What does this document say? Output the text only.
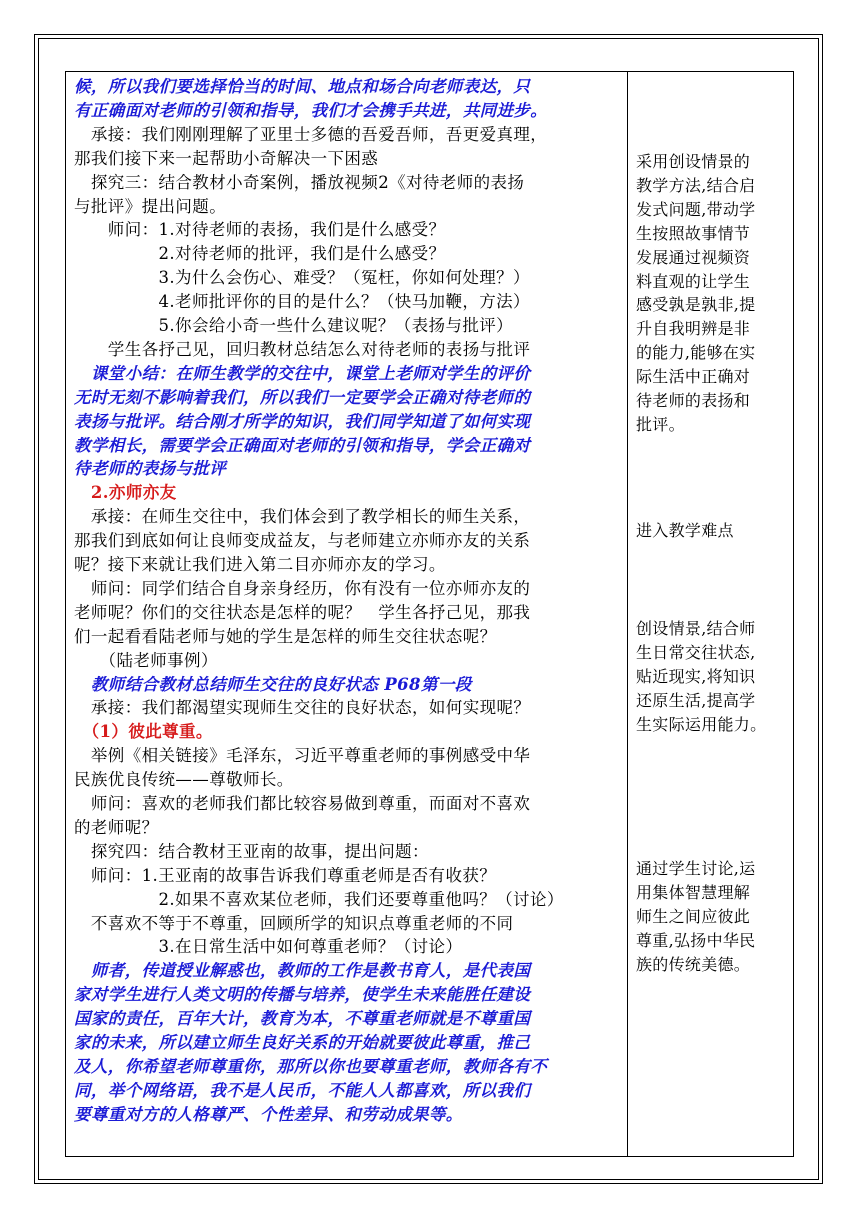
候，所以我们要选择恰当的时间、地点和场合向老师表达，只
有正确面对老师的引领和指导，我们才会携手共进，共同进步。
　承接：我们刚刚理解了亚里士多德的吾爱吾师，吾更爱真理，
那我们接下来一起帮助小奇解决一下困惑
　探究三：结合教材小奇案例，播放视频2《对待老师的表扬
与批评》提出问题。
　　师问：1.对待老师的表扬，我们是什么感受？
　　　　　2.对待老师的批评，我们是什么感受？
　　　　　3.为什么会伤心、难受？（冤枉，你如何处理？）
　　　　　4.老师批评你的目的是什么？（快马加鞭，方法）
　　　　　5.你会给小奇一些什么建议呢？（表扬与批评）
　　学生各抒己见，回归教材总结怎么对待老师的表扬与批评
　课堂小结：在师生教学的交往中，课堂上老师对学生的评价
无时无刻不影响着我们，所以我们一定要学会正确对待老师的
表扬与批评。结合刚才所学的知识，我们同学知道了如何实现
教学相长，需要学会正确面对老师的引领和指导，学会正确对
待老师的表扬与批评
　2.亦师亦友
　承接：在师生交往中，我们体会到了教学相长的师生关系，
那我们到底如何让良师变成益友，与老师建立亦师亦友的关系
呢？接下来就让我们进入第二目亦师亦友的学习。
　师问：同学们结合自身亲身经历，你有没有一位亦师亦友的
老师呢？你们的交往状态是怎样的呢？　学生各抒己见，那我
们一起看看陆老师与她的学生是怎样的师生交往状态呢？
　　（陆老师事例）
　教师结合教材总结师生交往的良好状态 P68第一段
　承接：我们都渴望实现师生交往的良好状态，如何实现呢？
　（1）彼此尊重。
　举例《相关链接》毛泽东，习近平尊重老师的事例感受中华
民族优良传统——尊敬师长。
　师问：喜欢的老师我们都比较容易做到尊重，而面对不喜欢
的老师呢？
　探究四：结合教材王亚南的故事，提出问题：
　师问：1.王亚南的故事告诉我们尊重老师是否有收获？
　　　　　2.如果不喜欢某位老师，我们还要尊重他吗？（讨论）
　不喜欢不等于不尊重，回顾所学的知识点尊重老师的不同
　　　　　3.在日常生活中如何尊重老师？（讨论）
　师者，传道授业解惑也，教师的工作是教书育人，是代表国
家对学生进行人类文明的传播与培养，使学生未来能胜任建设
国家的责任，百年大计，教育为本，不尊重老师就是不尊重国
家的未来，所以建立师生良好关系的开始就要彼此尊重，推己
及人，你希望老师尊重你，那所以你也要尊重老师，教师各有不
同，举个网络语，我不是人民币，不能人人都喜欢，所以我们
要尊重对方的人格尊严、个性差异、和劳动成果等。
采用创设情景的
教学方法,结合启
发式问题,带动学
生按照故事情节
发展通过视频资
料直观的让学生
感受孰是孰非,提
升自我明辨是非
的能力,能够在实
际生活中正确对
待老师的表扬和
批评。
进入教学难点
创设情景,结合师
生日常交往状态,
贴近现实,将知识
还原生活,提高学
生实际运用能力。
通过学生讨论,运
用集体智慧理解
师生之间应彼此
尊重,弘扬中华民
族的传统美德。
